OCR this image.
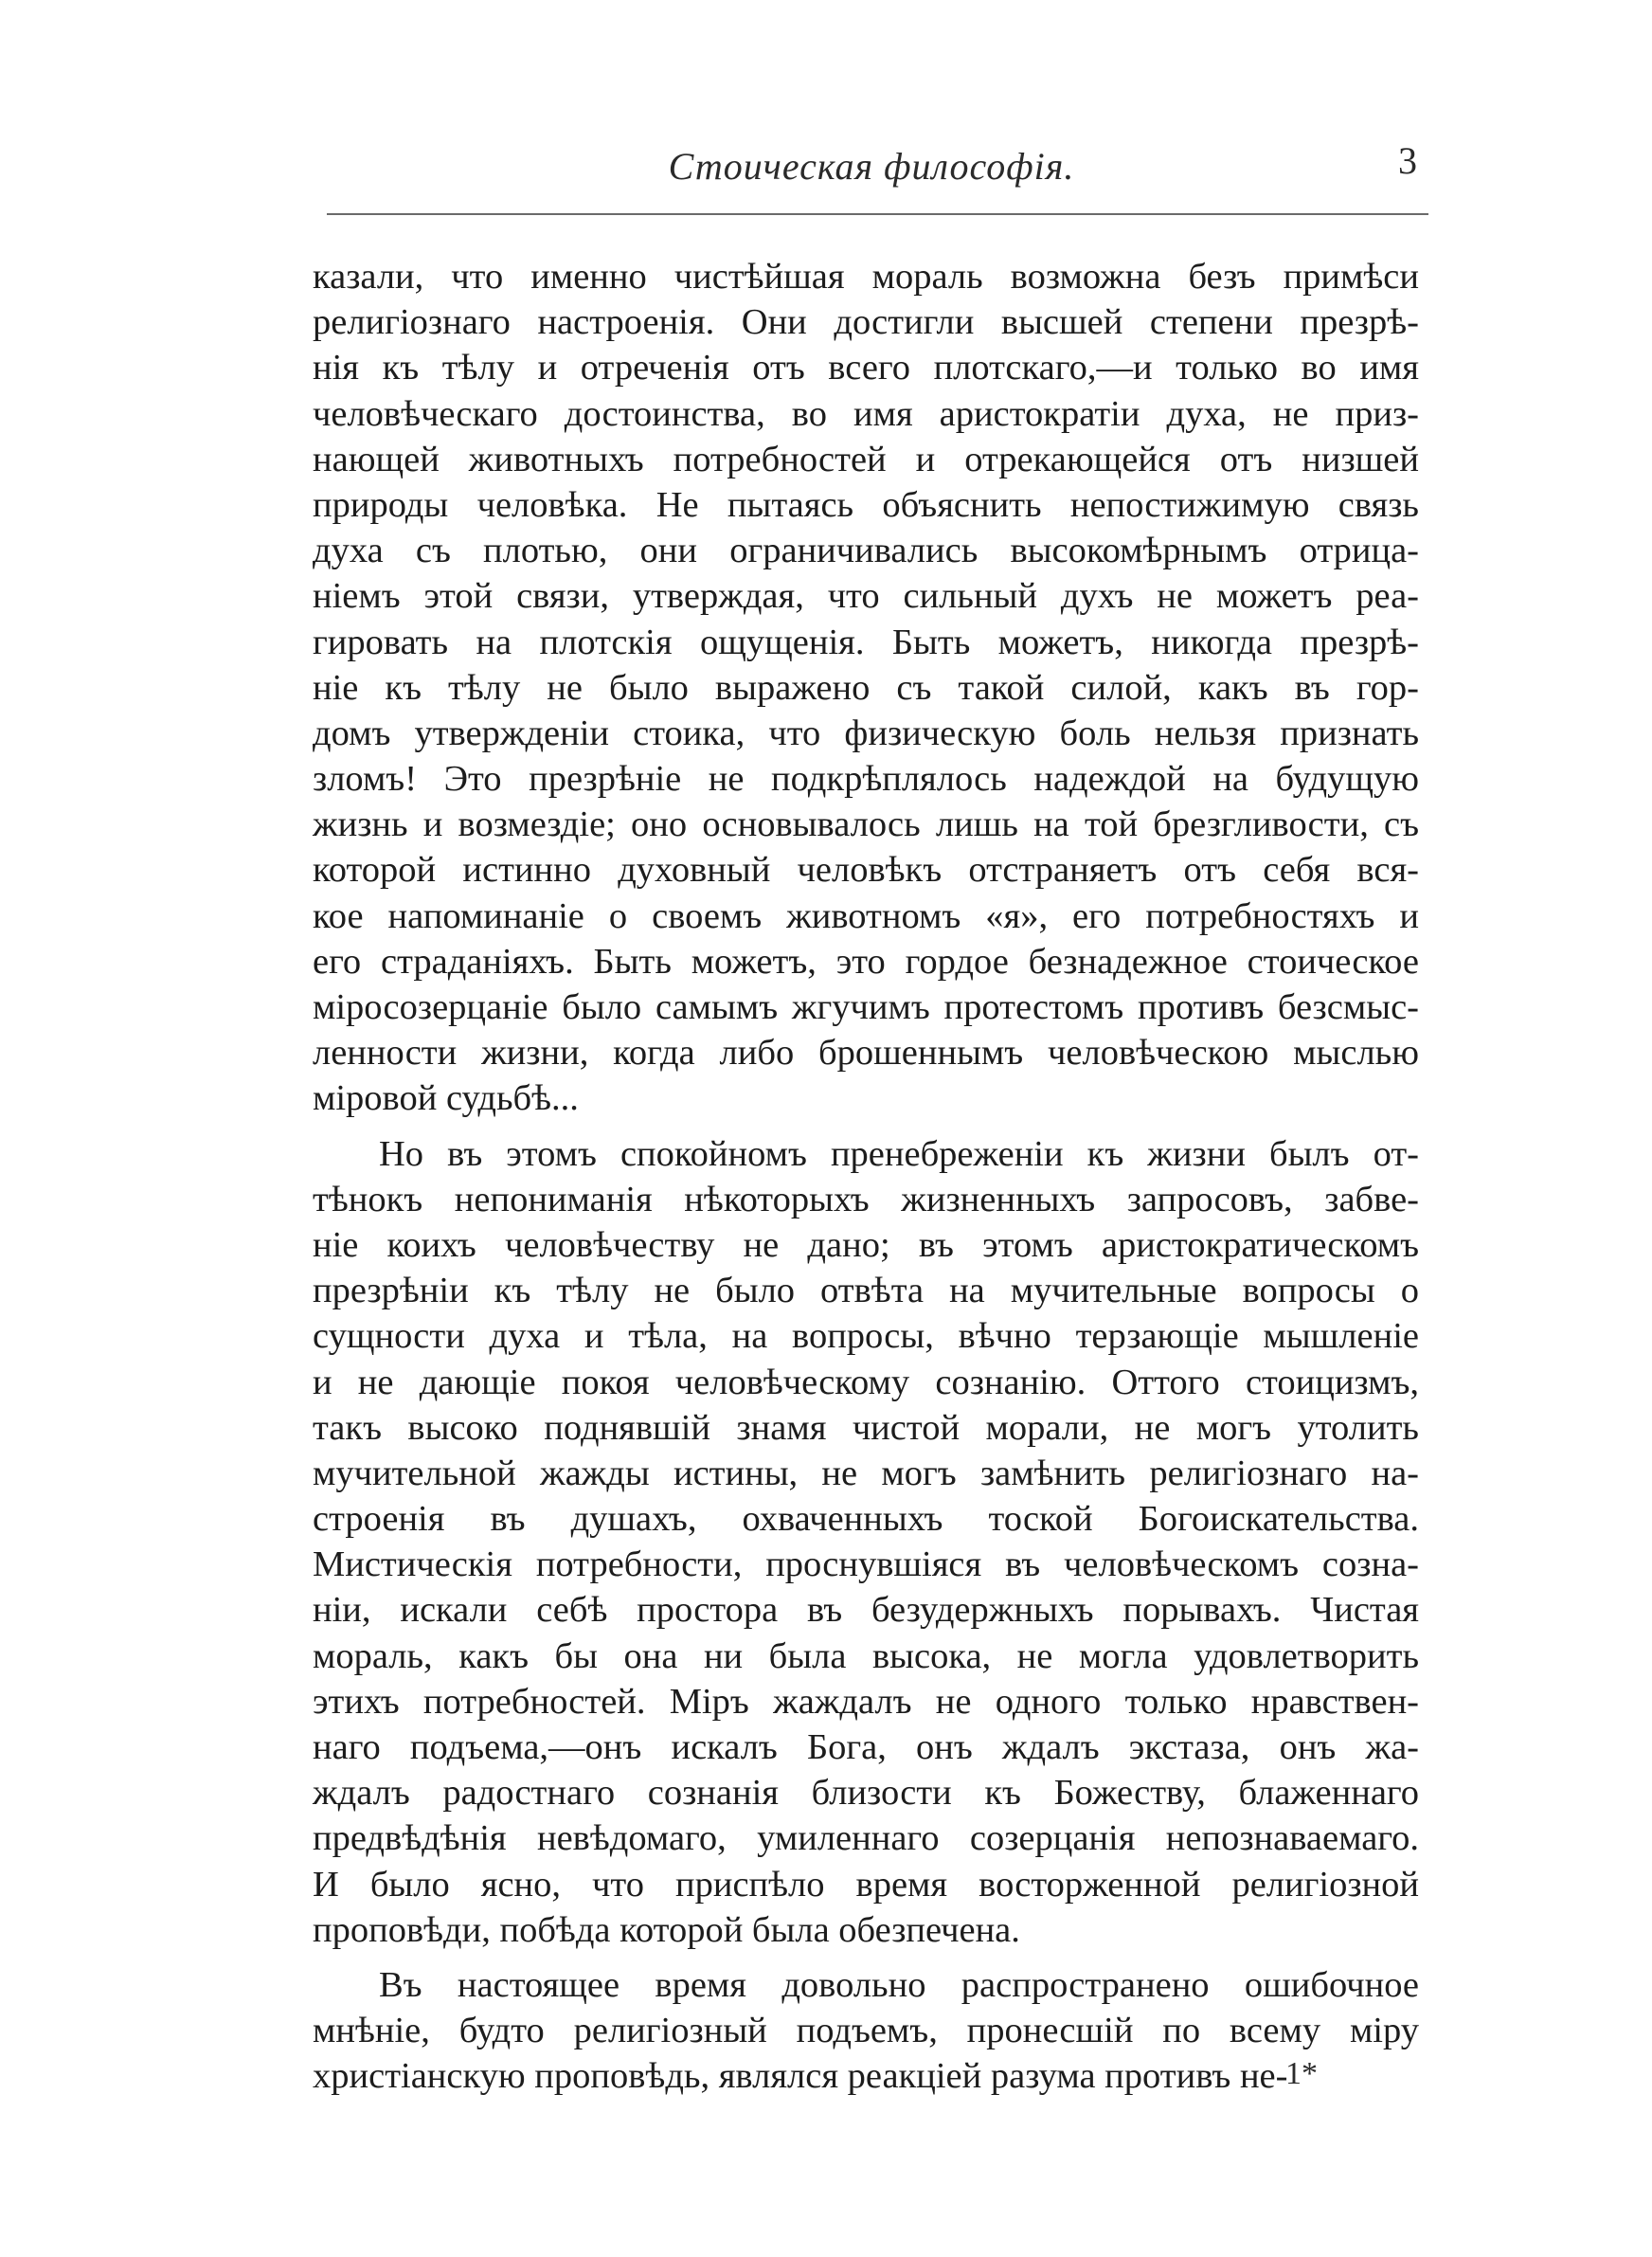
Стоическая философія.	3
казали, что именно чистѣйшая мораль возможна безъ примѣси
религіознаго настроенія. Они достигли высшей степени презрѣ-
нія къ тѣлу и отреченія отъ всего плотскаго,—и только во имя
человѣческаго достоинства, во имя аристократіи духа, не приз-
нающей животныхъ потребностей и отрекающейся отъ низшей
природы человѣка. Не пытаясь объяснить непостижимую связь
духа съ плотью, они ограничивались высокомѣрнымъ отрица-
ніемъ этой связи, утверждая, что сильный духъ не можетъ реа-
гировать на плотскія ощущенія. Быть можетъ, никогда презрѣ-
ніе къ тѣлу не было выражено съ такой силой, какъ въ гор-
домъ утвержденіи стоика, что физическую боль нельзя признать
зломъ! Это презрѣніе не подкрѣплялось надеждой на будущую
жизнь и возмездіе; оно основывалось лишь на той брезгливости, съ
которой истинно духовный человѣкъ отстраняетъ отъ себя вся-
кое напоминаніе о своемъ животномъ «я», его потребностяхъ и
его страданіяхъ. Быть можетъ, это гордое безнадежное стоическое
міросозерцаніе было самымъ жгучимъ протестомъ противъ безсмыс-
ленности жизни, когда либо брошеннымъ человѣческою мыслью
міровой судьбѣ...
Но въ этомъ спокойномъ пренебреженіи къ жизни былъ от-
тѣнокъ непониманія нѣкоторыхъ жизненныхъ запросовъ, забве-
ніе коихъ человѣчеству не дано; въ этомъ аристократическомъ
презрѣніи къ тѣлу не было отвѣта на мучительные вопросы о
сущности духа и тѣла, на вопросы, вѣчно терзающіе мышленіе
и не дающіе покоя человѣческому сознанію. Оттого стоицизмъ,
такъ высоко поднявшій знамя чистой морали, не могъ утолить
мучительной жажды истины, не могъ замѣнить религіознаго на-
строенія въ душахъ, охваченныхъ тоской Богоискательства.
Мистическія потребности, проснувшіяся въ человѣческомъ созна-
ніи, искали себѣ простора въ безудержныхъ порывахъ. Чистая
мораль, какъ бы она ни была высока, не могла удовлетворить
этихъ потребностей. Міръ жаждалъ не одного только нравствен-
наго подъема,—онъ искалъ Бога, онъ ждалъ экстаза, онъ жа-
ждалъ радостнаго сознанія близости къ Божеству, блаженнаго
предвѣдѣнія невѣдомаго, умиленнаго созерцанія непознаваемаго.
И было ясно, что приспѣло время восторженной религіозной
проповѣди, побѣда которой была обезпечена.
Въ настоящее время довольно распространено ошибочное
мнѣніе, будто религіозный подъемъ, пронесшій по всему міру
христіанскую проповѣдь, являлся реакціей разума противъ не-
1*
